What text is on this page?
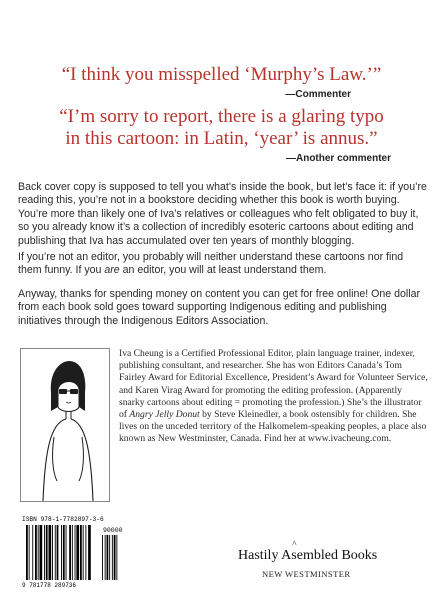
“I think you misspelled ‘Murphy’s Law.’”
—Commenter
“I’m sorry to report, there is a glaring typo
in this cartoon: in Latin, ‘year’ is annus.”
—Another commenter

Back cover copy is supposed to tell you what’s inside the book, but let’s face it: if you’re reading this, you’re not in a bookstore deciding whether this book is worth buying. You’re more than likely one of Iva’s relatives or colleagues who felt obligated to buy it, so you already know it’s a collection of incredibly esoteric cartoons about editing and publishing that Iva has accumulated over ten years of monthly blogging.

If you’re not an editor, you probably will neither understand these cartoons nor find them funny. If you are an editor, you will at least understand them.

Anyway, thanks for spending money on content you can get for free online! One dollar from each book sold goes toward supporting Indigenous editing and publishing initiatives through the Indigenous Editors Association.

Iva Cheung is a Certified Professional Editor, plain language trainer, indexer, publishing consultant, and researcher. She has won Editors Canada’s Tom Fairley Award for Editorial Excellence, President’s Award for Volunteer Service, and Karen Virag Award for promoting the editing profession. (Apparently snarky cartoons about editing = promoting the profession.) She’s the illustrator of Angry Jelly Donut by Steve Kleinedler, a book ostensibly for children. She lives on the unceded territory of the Halkomelem-speaking peoples, a place also known as New Westminster, Canada. Find her at www.ivacheung.com.

ISBN 978-1-7782897-3-6
90000
9 781778 289736
Hastily A
^
sembled Books
NEW WESTMINSTER
